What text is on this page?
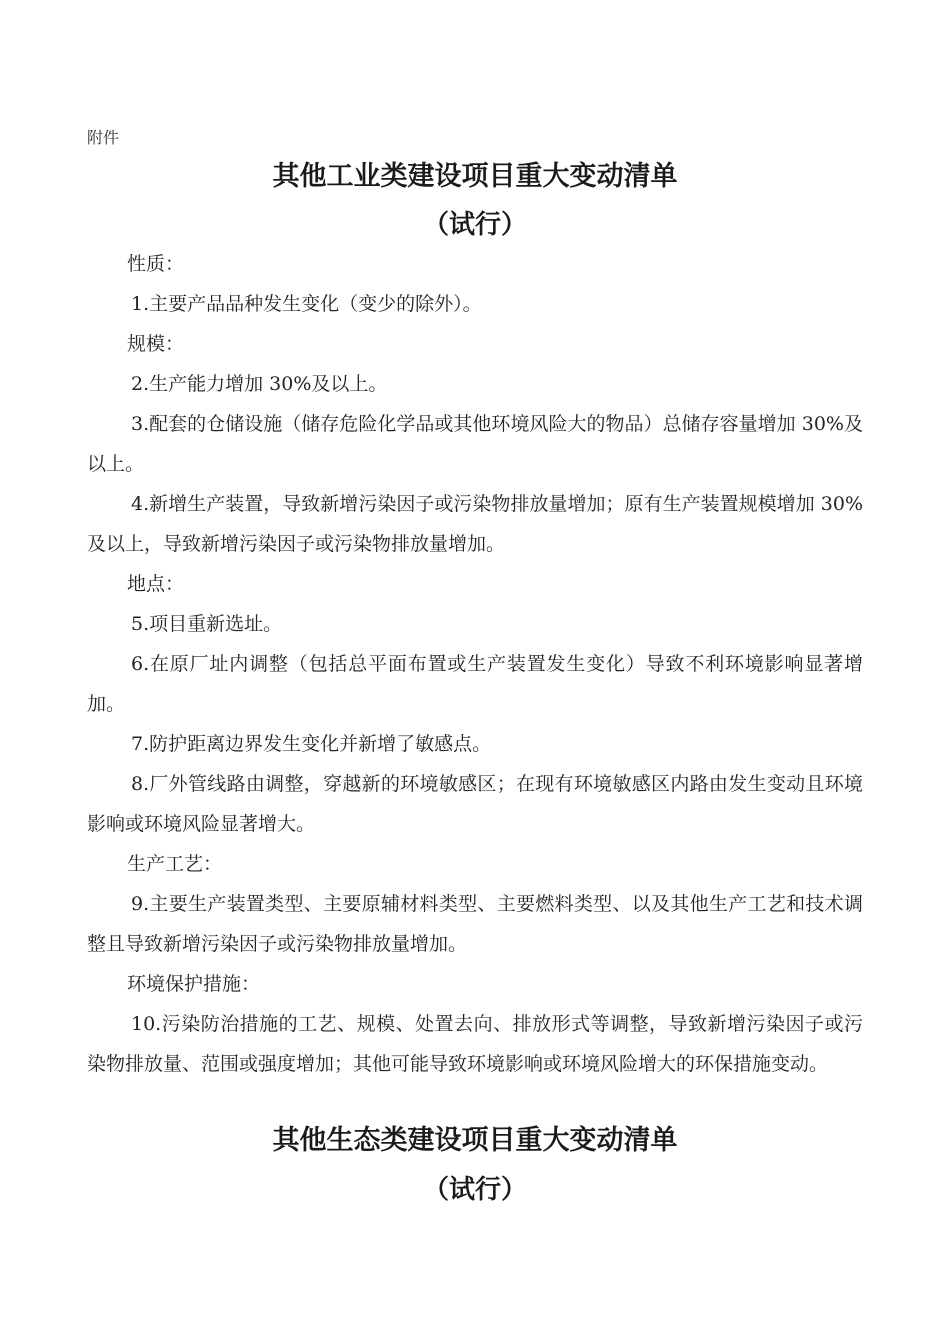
附件
其他工业类建设项目重大变动清单
（试行）

性质：

1.主要产品品种发生变化（变少的除外）。

规模：

2.生产能力增加 30%及以上。

3.配套的仓储设施（储存危险化学品或其他环境风险大的物品）总储存容量增加 30%及以上。

4.新增生产装置，导致新增污染因子或污染物排放量增加；原有生产装置规模增加 30%及以上，导致新增污染因子或污染物排放量增加。

地点：

5.项目重新选址。

6.在原厂址内调整（包括总平面布置或生产装置发生变化）导致不利环境影响显著增加。

7.防护距离边界发生变化并新增了敏感点。

8.厂外管线路由调整，穿越新的环境敏感区；在现有环境敏感区内路由发生变动且环境影响或环境风险显著增大。

生产工艺：

9.主要生产装置类型、主要原辅材料类型、主要燃料类型、以及其他生产工艺和技术调整且导致新增污染因子或污染物排放量增加。

环境保护措施：

10.污染防治措施的工艺、规模、处置去向、排放形式等调整，导致新增污染因子或污染物排放量、范围或强度增加；其他可能导致环境影响或环境风险增大的环保措施变动。

其他生态类建设项目重大变动清单
（试行）
